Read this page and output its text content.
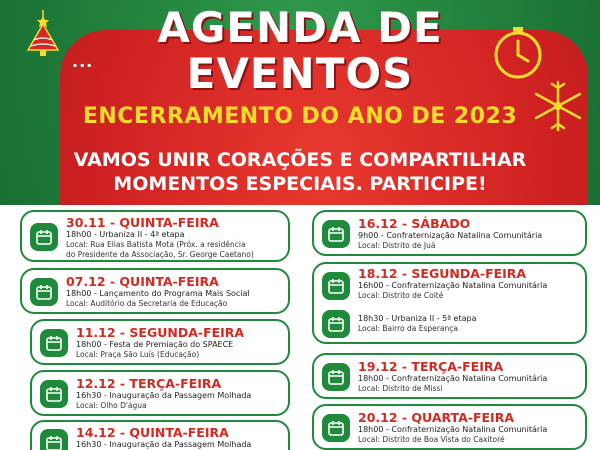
...
AGENDA DE
EVENTOS
ENCERRAMENTO DO ANO DE 2023
VAMOS UNIR CORAÇÕES E COMPARTILHAR
MOMENTOS ESPECIAIS. PARTICIPE!
30.11 - QUINTA-FEIRA
18h00 - Urbaniza II - 4ª etapa
Local: Rua Elias Batista Mota (Próx. a residência
do Presidente da Associação, Sr. George Caetano)
07.12 - QUINTA-FEIRA
18h00 - Lançamento do Programa Mais Social
Local: Auditório da Secretaria de Educação
11.12 - SEGUNDA-FEIRA
18h00 - Festa de Premiação do SPAECE
Local: Praça São Luís (Educação)
12.12 - TERÇA-FEIRA
16h30 - Inauguração da Passagem Molhada
Local: Olho D'água
14.12 - QUINTA-FEIRA
16h30 - Inauguração da Passagem Molhada
16.12 - SÁBADO
9h00 - Confraternização Natalina Comunitária
Local: Distrito de Juá
18.12 - SEGUNDA-FEIRA
16h00 - Confraternização Natalina Comunitária
Local: Distrito de Coité
18h30 - Urbaniza II - 5ª etapa
Local: Bairro da Esperança
19.12 - TERÇA-FEIRA
18h00 - Confraternização Natalina Comunitária
Local: Distrito de Missi
20.12 - QUARTA-FEIRA
18h00 - Confraternização Natalina Comunitária
Local: Distrito de Boa Vista do Caxitoré
